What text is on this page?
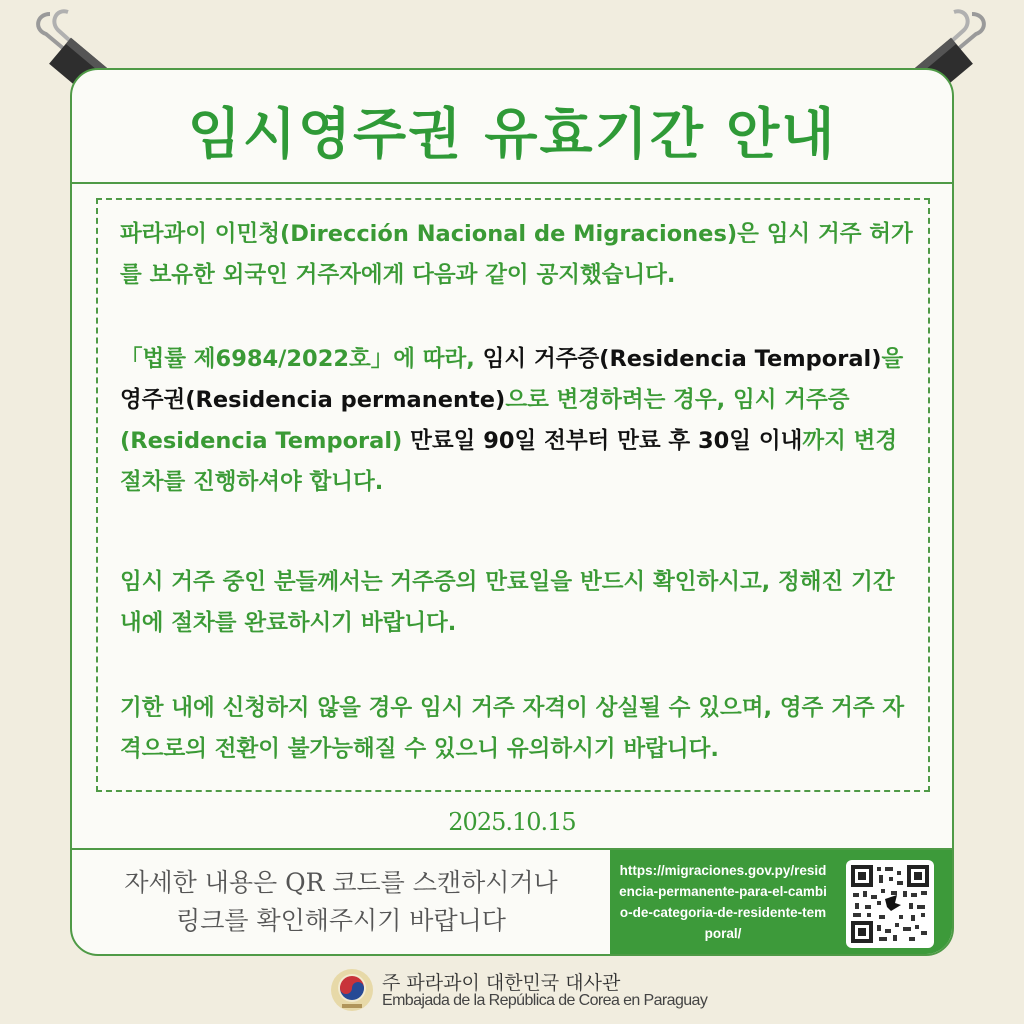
임시영주권 유효기간 안내

파라과이 이민청(Dirección Nacional de Migraciones)은 임시 거주 허가를 보유한 외국인 거주자에게 다음과 같이 공지했습니다.

「법률 제6984/2022호」에 따라, 임시 거주증(Residencia Temporal)을 영주권(Residencia permanente)으로 변경하려는 경우, 임시 거주증(Residencia Temporal) 만료일 90일 전부터 만료 후 30일 이내까지 변경 절차를 진행하셔야 합니다.

임시 거주 중인 분들께서는 거주증의 만료일을 반드시 확인하시고, 정해진 기간 내에 절차를 완료하시기 바랍니다.

기한 내에 신청하지 않을 경우 임시 거주 자격이 상실될 수 있으며, 영주 거주 자격으로의 전환이 불가능해질 수 있으니 유의하시기 바랍니다.

2025.10.15
자세한 내용은 QR 코드를 스캔하시거나
링크를 확인해주시기 바랍니다
https://migraciones.gov.py/residencia-permanente-para-el-cambio-de-categoria-de-residente-temporal/
주 파라과이 대한민국 대사관
Embajada de la República de Corea en Paraguay
